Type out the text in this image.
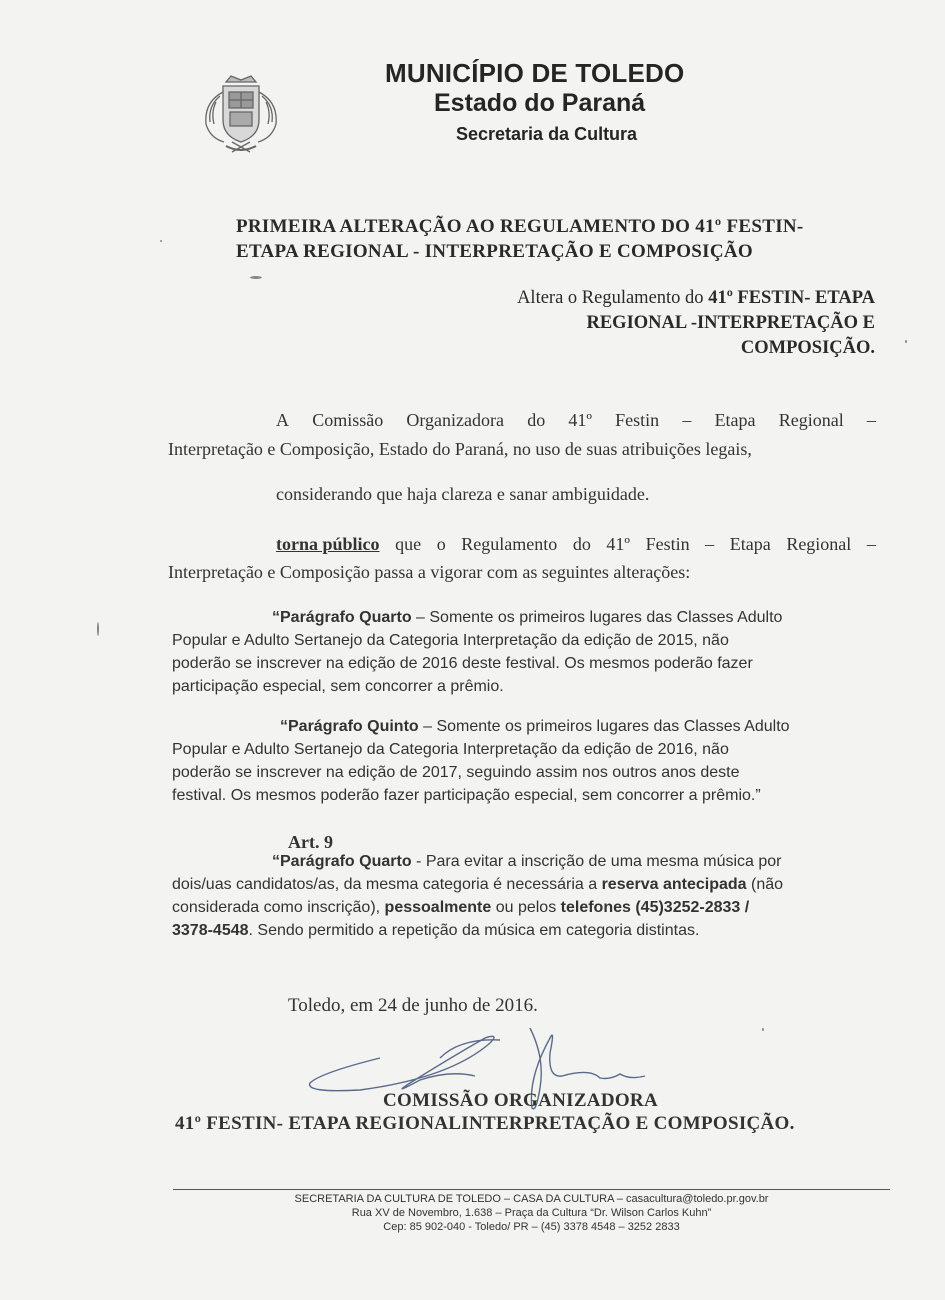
MUNICÍPIO DE TOLEDO
Estado do Paraná
Secretaria da Cultura
PRIMEIRA ALTERAÇÃO AO REGULAMENTO DO 41º FESTIN-
ETAPA REGIONAL - INTERPRETAÇÃO E COMPOSIÇÃO
Altera o Regulamento do 41º FESTIN- ETAPA
REGIONAL -INTERPRETAÇÃO E
COMPOSIÇÃO.
A Comissão Organizadora do 41º Festin – Etapa Regional –
Interpretação e Composição, Estado do Paraná, no uso de suas atribuições legais,
considerando que haja clareza e sanar ambiguidade.
torna público que o Regulamento do 41º Festin – Etapa Regional –
Interpretação e Composição passa a vigorar com as seguintes alterações:
“Parágrafo Quarto – Somente os primeiros lugares das Classes Adulto
Popular e Adulto Sertanejo da Categoria Interpretação da edição de 2015, não
poderão se inscrever na edição de 2016 deste festival. Os mesmos poderão fazer
participação especial, sem concorrer a prêmio.
“Parágrafo Quinto – Somente os primeiros lugares das Classes Adulto
Popular e Adulto Sertanejo da Categoria Interpretação da edição de 2016, não
poderão se inscrever na edição de 2017, seguindo assim nos outros anos deste
festival. Os mesmos poderão fazer participação especial, sem concorrer a prêmio.”
Art. 9
“Parágrafo Quarto - Para evitar a inscrição de uma mesma música por
dois/uas candidatos/as, da mesma categoria é necessária a reserva antecipada (não
considerada como inscrição), pessoalmente ou pelos telefones (45)3252-2833 /
3378-4548. Sendo permitido a repetição da música em categoria distintas.
Toledo, em 24 de junho de 2016.
COMISSÃO ORGANIZADORA
41º FESTIN- ETAPA REGIONALINTERPRETAÇÃO E COMPOSIÇÃO.
SECRETARIA DA CULTURA DE TOLEDO – CASA DA CULTURA – casacultura@toledo.pr.gov.br
Rua XV de Novembro, 1.638 – Praça da Cultura “Dr. Wilson Carlos Kuhn”
Cep: 85 902-040 - Toledo/ PR – (45) 3378 4548 – 3252 2833
